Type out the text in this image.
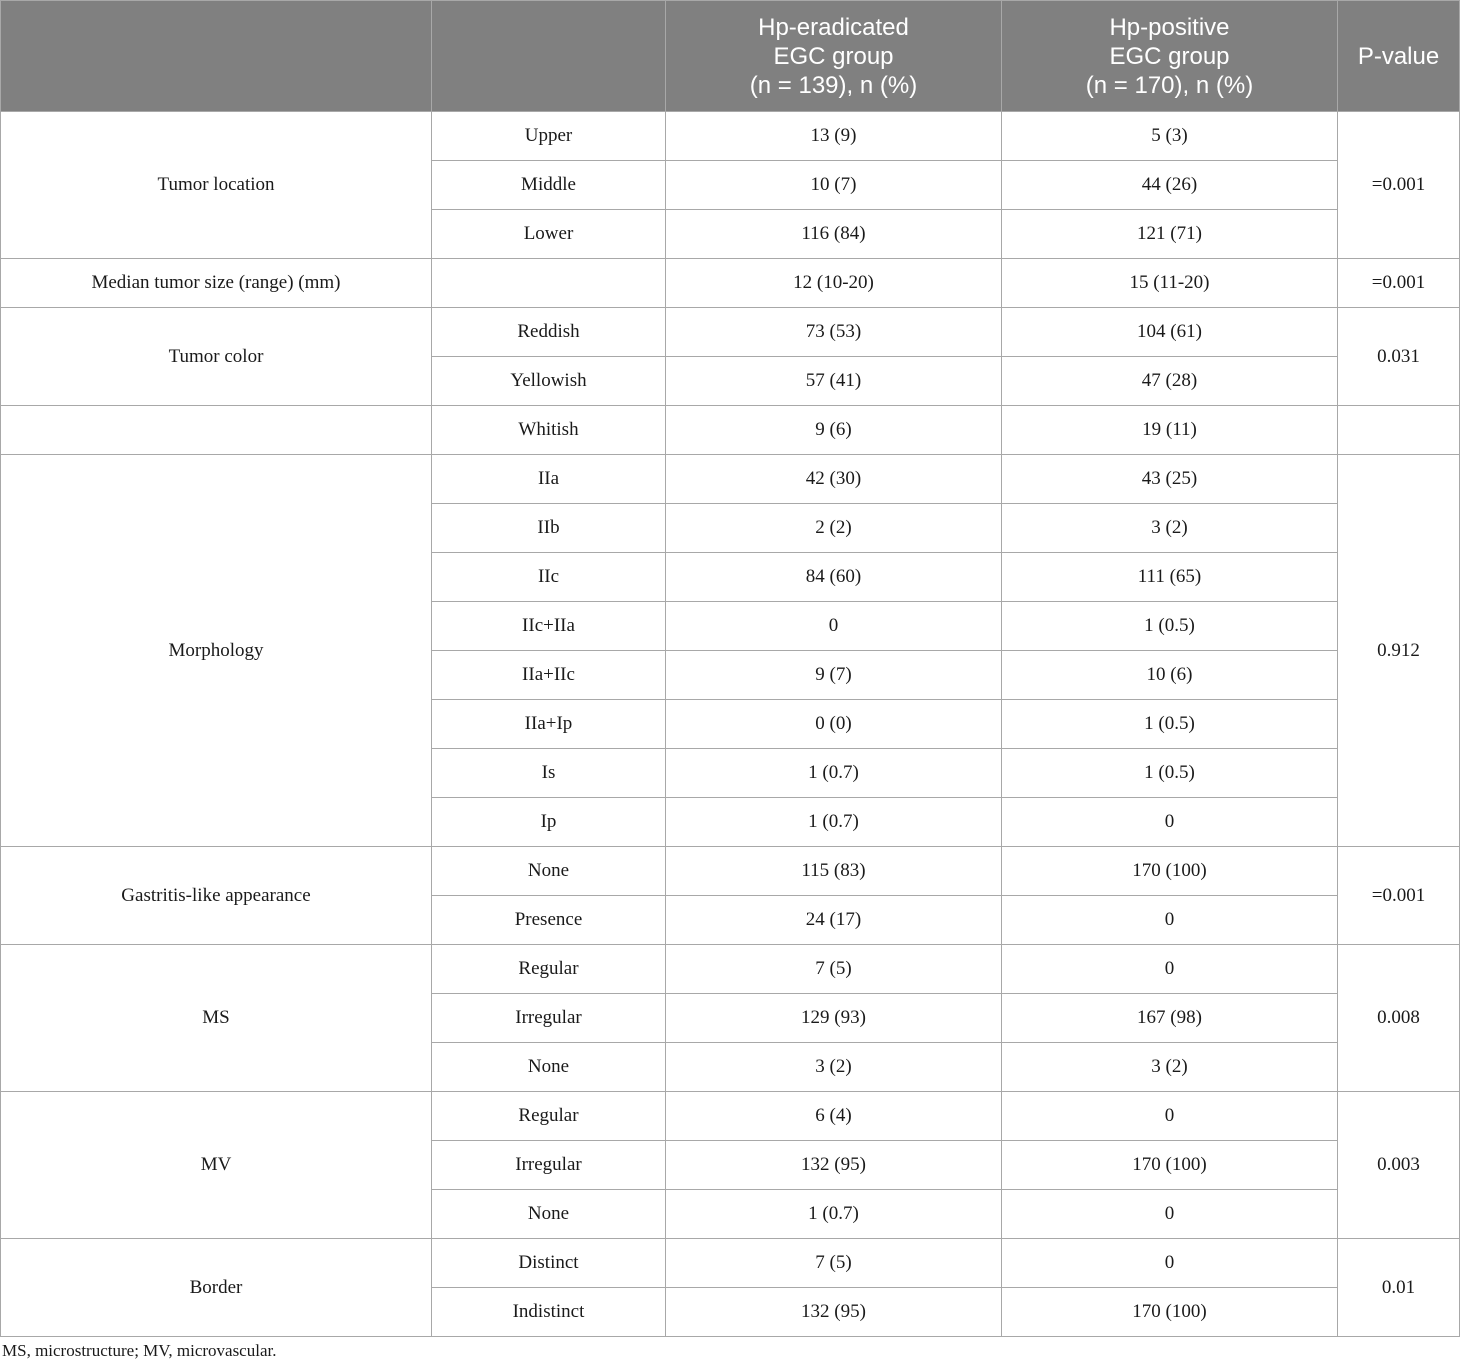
		Hp-eradicated
EGC group
(n = 139), n (%)	Hp-positive
EGC group
(n = 170), n (%)	P-value
Tumor location	Upper	13 (9)	5 (3)	=0.001
	Middle	10 (7)	44 (26)	
	Lower	116 (84)	121 (71)	
Median tumor size (range) (mm)		12 (10-20)	15 (11-20)	=0.001
Tumor color	Reddish	73 (53)	104 (61)	0.031
	Yellowish	57 (41)	47 (28)	
	Whitish	9 (6)	19 (11)	
Morphology	IIa	42 (30)	43 (25)	0.912
	IIb	2 (2)	3 (2)	
	IIc	84 (60)	111 (65)	
	IIc+IIa	0	1 (0.5)	
	IIa+IIc	9 (7)	10 (6)	
	IIa+Ip	0 (0)	1 (0.5)	
	Is	1 (0.7)	1 (0.5)	
	Ip	1 (0.7)	0	
Gastritis-like appearance	None	115 (83)	170 (100)	=0.001
	Presence	24 (17)	0	
MS	Regular	7 (5)	0	0.008
	Irregular	129 (93)	167 (98)	
	None	3 (2)	3 (2)	
MV	Regular	6 (4)	0	0.003
	Irregular	132 (95)	170 (100)	
	None	1 (0.7)	0	
Border	Distinct	7 (5)	0	0.01
	Indistinct	132 (95)	170 (100)	
MS, microstructure; MV, microvascular.
